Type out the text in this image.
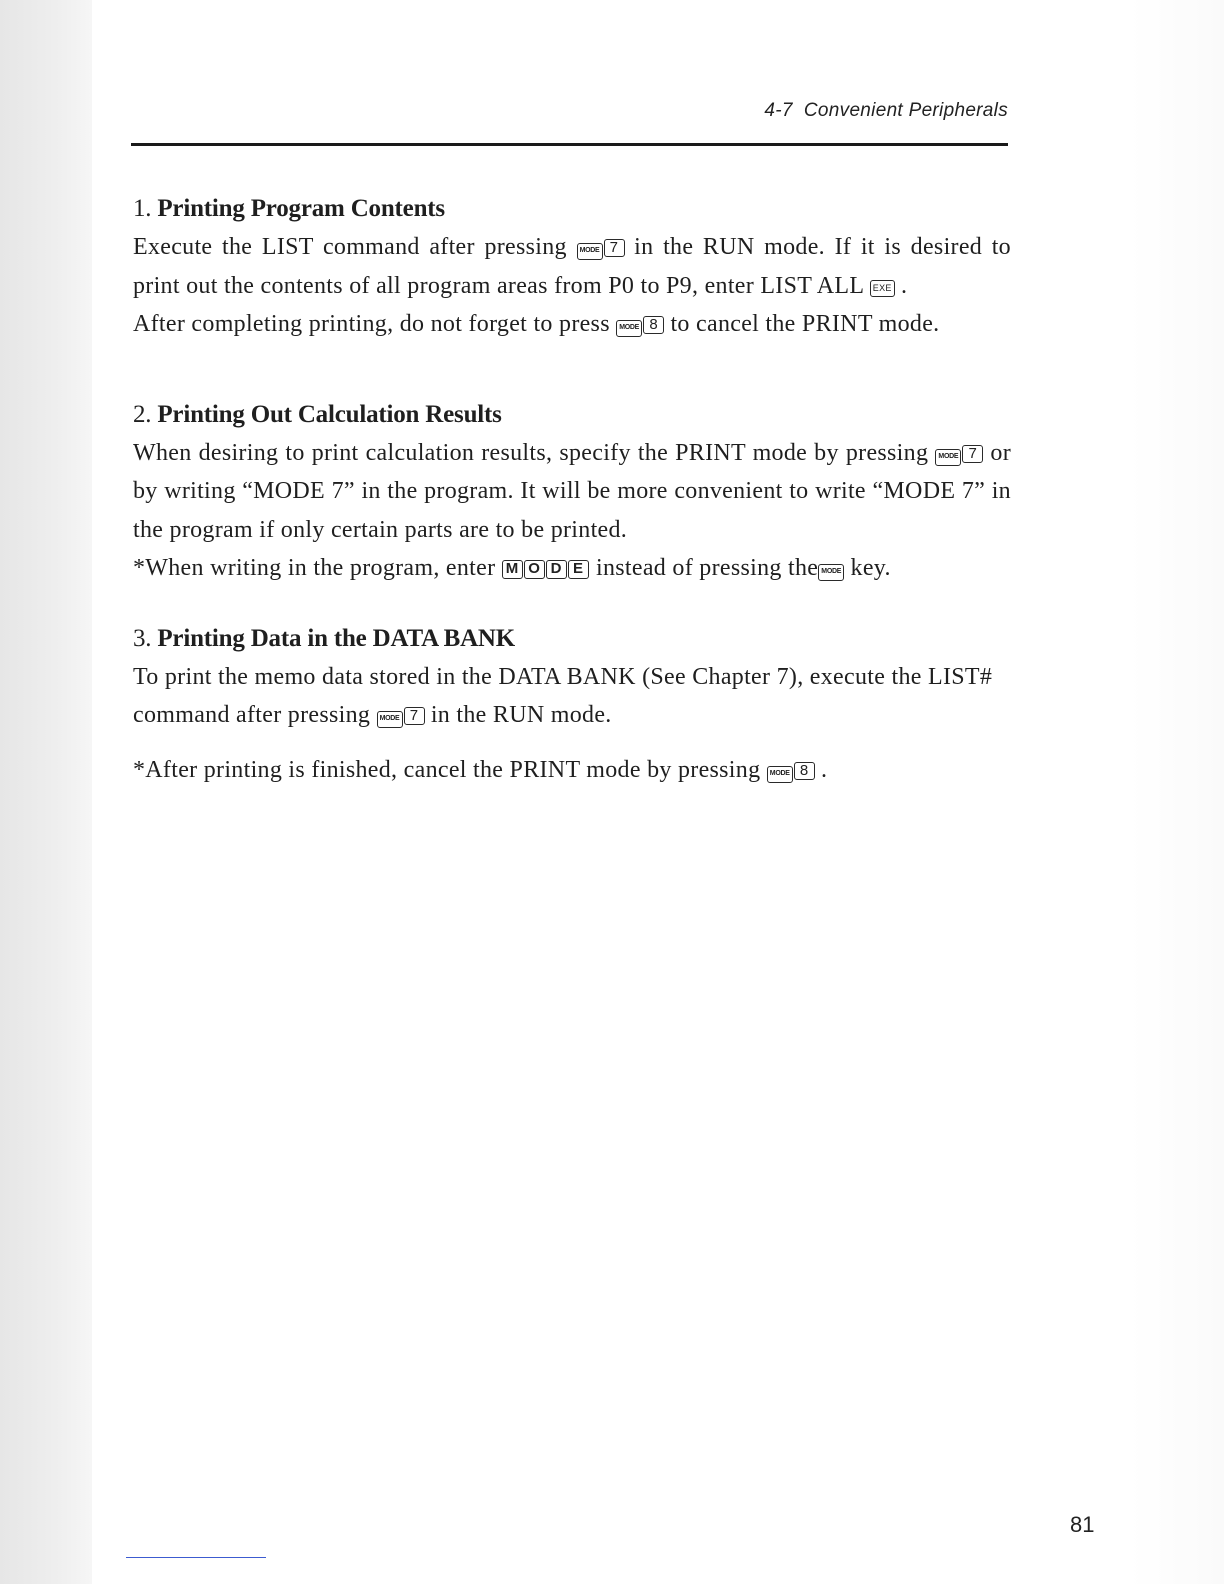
4-7 Convenient Peripherals

1. Printing Program Contents

Execute the LIST command after pressing MODE 7 in the RUN mode. If it is desired to print out the contents of all program areas from P0 to P9, enter LIST ALL EXE .

After completing printing, do not forget to press MODE 8 to cancel the PRINT mode.

2. Printing Out Calculation Results

When desiring to print calculation results, specify the PRINT mode by pressing MODE 7 or by writing “MODE 7” in the program. It will be more convenient to write “MODE 7” in the program if only certain parts are to be printed.

*When writing in the program, enter M O D E instead of pressing the MODE key.

3. Printing Data in the DATA BANK

To print the memo data stored in the DATA BANK (See Chapter 7), execute the LIST# command after pressing MODE 7 in the RUN mode.

*After printing is finished, cancel the PRINT mode by pressing MODE 8 .

81
